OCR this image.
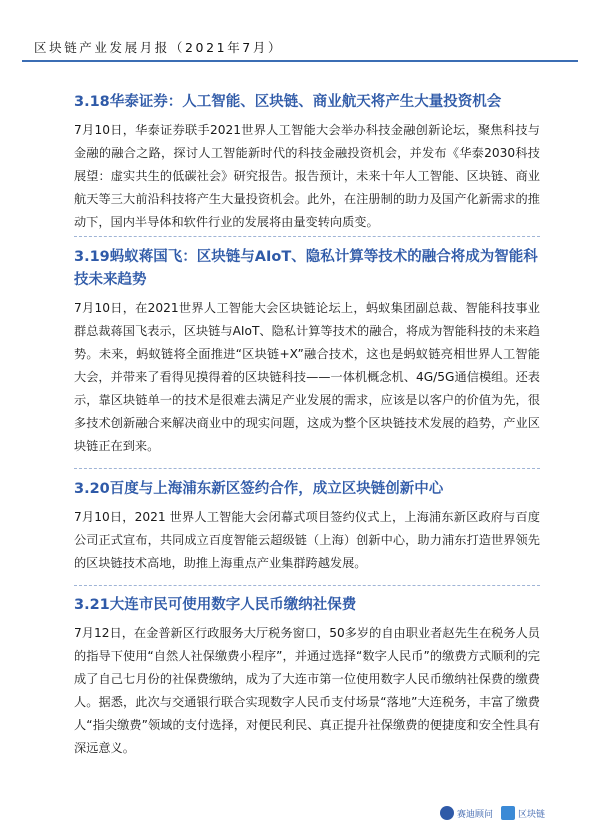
区块链产业发展月报（2021年7月）
3.18华泰证券：人工智能、区块链、商业航天将产生大量投资机会

7月10日，华泰证券联手2021世界人工智能大会举办科技金融创新论坛，聚焦科技与金融的融合之路，探讨人工智能新时代的科技金融投资机会，并发布《华泰2030科技展望：虚实共生的低碳社会》研究报告。报告预计，未来十年人工智能、区块链、商业航天等三大前沿科技将产生大量投资机会。此外，在注册制的助力及国产化新需求的推动下，国内半导体和软件行业的发展将由量变转向质变。

3.19蚂蚁蒋国飞：区块链与AIoT、隐私计算等技术的融合将成为智能科技未来趋势

7月10日，在2021世界人工智能大会区块链论坛上，蚂蚁集团副总裁、智能科技事业群总裁蒋国飞表示，区块链与AIoT、隐私计算等技术的融合，将成为智能科技的未来趋势。未来，蚂蚁链将全面推进“区块链+X”融合技术，这也是蚂蚁链亮相世界人工智能大会，并带来了看得见摸得着的区块链科技——一体机概念机、4G/5G通信模组。还表示，靠区块链单一的技术是很难去满足产业发展的需求，应该是以客户的价值为先，很多技术创新融合来解决商业中的现实问题，这成为整个区块链技术发展的趋势，产业区块链正在到来。

3.20百度与上海浦东新区签约合作，成立区块链创新中心

7月10日，2021 世界人工智能大会闭幕式项目签约仪式上，上海浦东新区政府与百度公司正式宣布，共同成立百度智能云超级链（上海）创新中心，助力浦东打造世界领先的区块链技术高地，助推上海重点产业集群跨越发展。

3.21大连市民可使用数字人民币缴纳社保费

7月12日，在金普新区行政服务大厅税务窗口，50多岁的自由职业者赵先生在税务人员的指导下使用“自然人社保缴费小程序”，并通过选择“数字人民币”的缴费方式顺利的完成了自己七月份的社保费缴纳，成为了大连市第一位使用数字人民币缴纳社保费的缴费人。据悉，此次与交通银行联合实现数字人民币支付场景“落地”大连税务，丰富了缴费人“指尖缴费”领域的支付选择，对便民利民、真正提升社保缴费的便捷度和安全性具有深远意义。

赛迪顾问	区块链
